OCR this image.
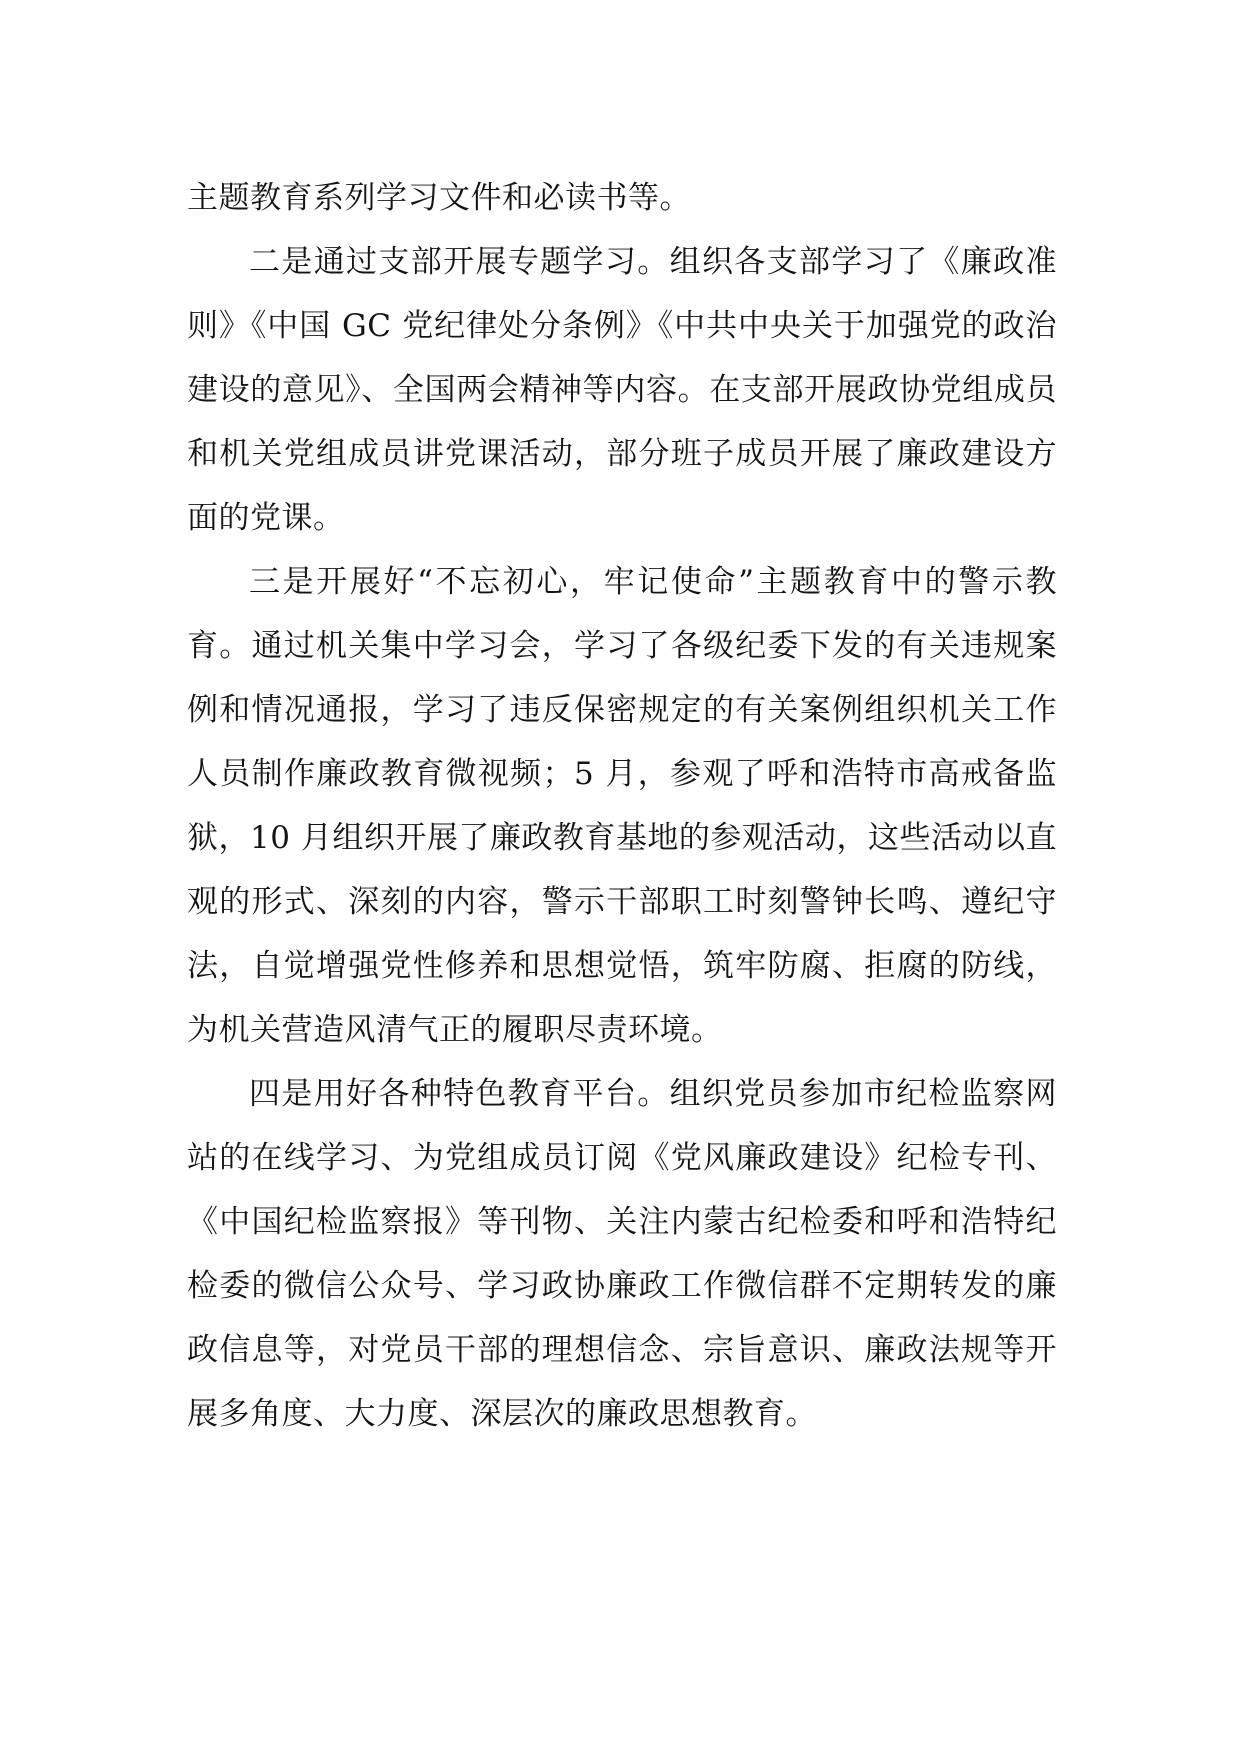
主题教育系列学习文件和必读书等。

二是通过支部开展专题学习。组织各支部学习了《廉政准则》《中国 GC 党纪律处分条例》《中共中央关于加强党的政治建设的意见》、全国两会精神等内容。在支部开展政协党组成员和机关党组成员讲党课活动，部分班子成员开展了廉政建设方面的党课。

三是开展好“不忘初心，牢记使命”主题教育中的警示教育。通过机关集中学习会，学习了各级纪委下发的有关违规案例和情况通报，学习了违反保密规定的有关案例组织机关工作人员制作廉政教育微视频；5 月，参观了呼和浩特市高戒备监狱，10 月组织开展了廉政教育基地的参观活动，这些活动以直观的形式、深刻的内容，警示干部职工时刻警钟长鸣、遵纪守法，自觉增强党性修养和思想觉悟，筑牢防腐、拒腐的防线，为机关营造风清气正的履职尽责环境。

四是用好各种特色教育平台。组织党员参加市纪检监察网站的在线学习、为党组成员订阅《党风廉政建设》纪检专刊、《中国纪检监察报》等刊物、关注内蒙古纪检委和呼和浩特纪检委的微信公众号、学习政协廉政工作微信群不定期转发的廉政信息等，对党员干部的理想信念、宗旨意识、廉政法规等开展多角度、大力度、深层次的廉政思想教育。
